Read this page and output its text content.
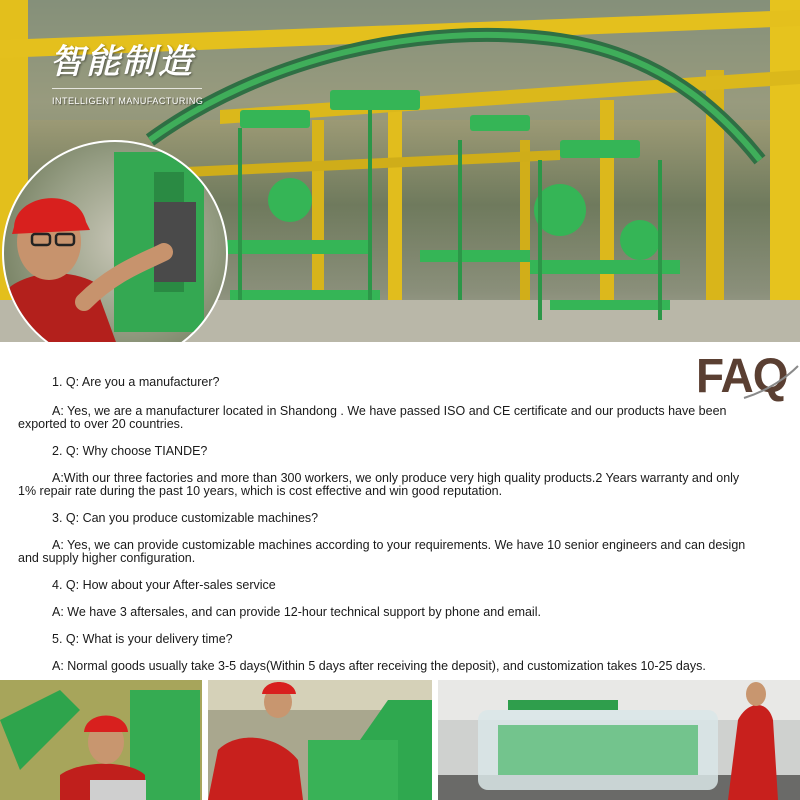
智能制造
INTELLIGENT MANUFACTURING
FAQ

1. Q: Are you a manufacturer?

A: Yes, we are a manufacturer located in Shandong . We have passed ISO and CE certificate and our products have been exported to over 20 countries.

2. Q: Why choose TIANDE?

A:With our three factories and more than 300 workers, we only produce very high quality products.2 Years warranty and only 1% repair rate during the past 10 years, which is cost effective and win good reputation.

3. Q: Can you produce customizable machines?

A: Yes, we can provide customizable machines according to your requirements. We have 10 senior engineers and can design and supply higher configuration.

4. Q: How about your After-sales service

A: We have 3 aftersales, and can provide 12-hour technical support by phone and email.

5. Q: What is your delivery time?

A: Normal goods usually take 3-5 days(Within 5 days after receiving the deposit), and customization takes 10-25 days.
